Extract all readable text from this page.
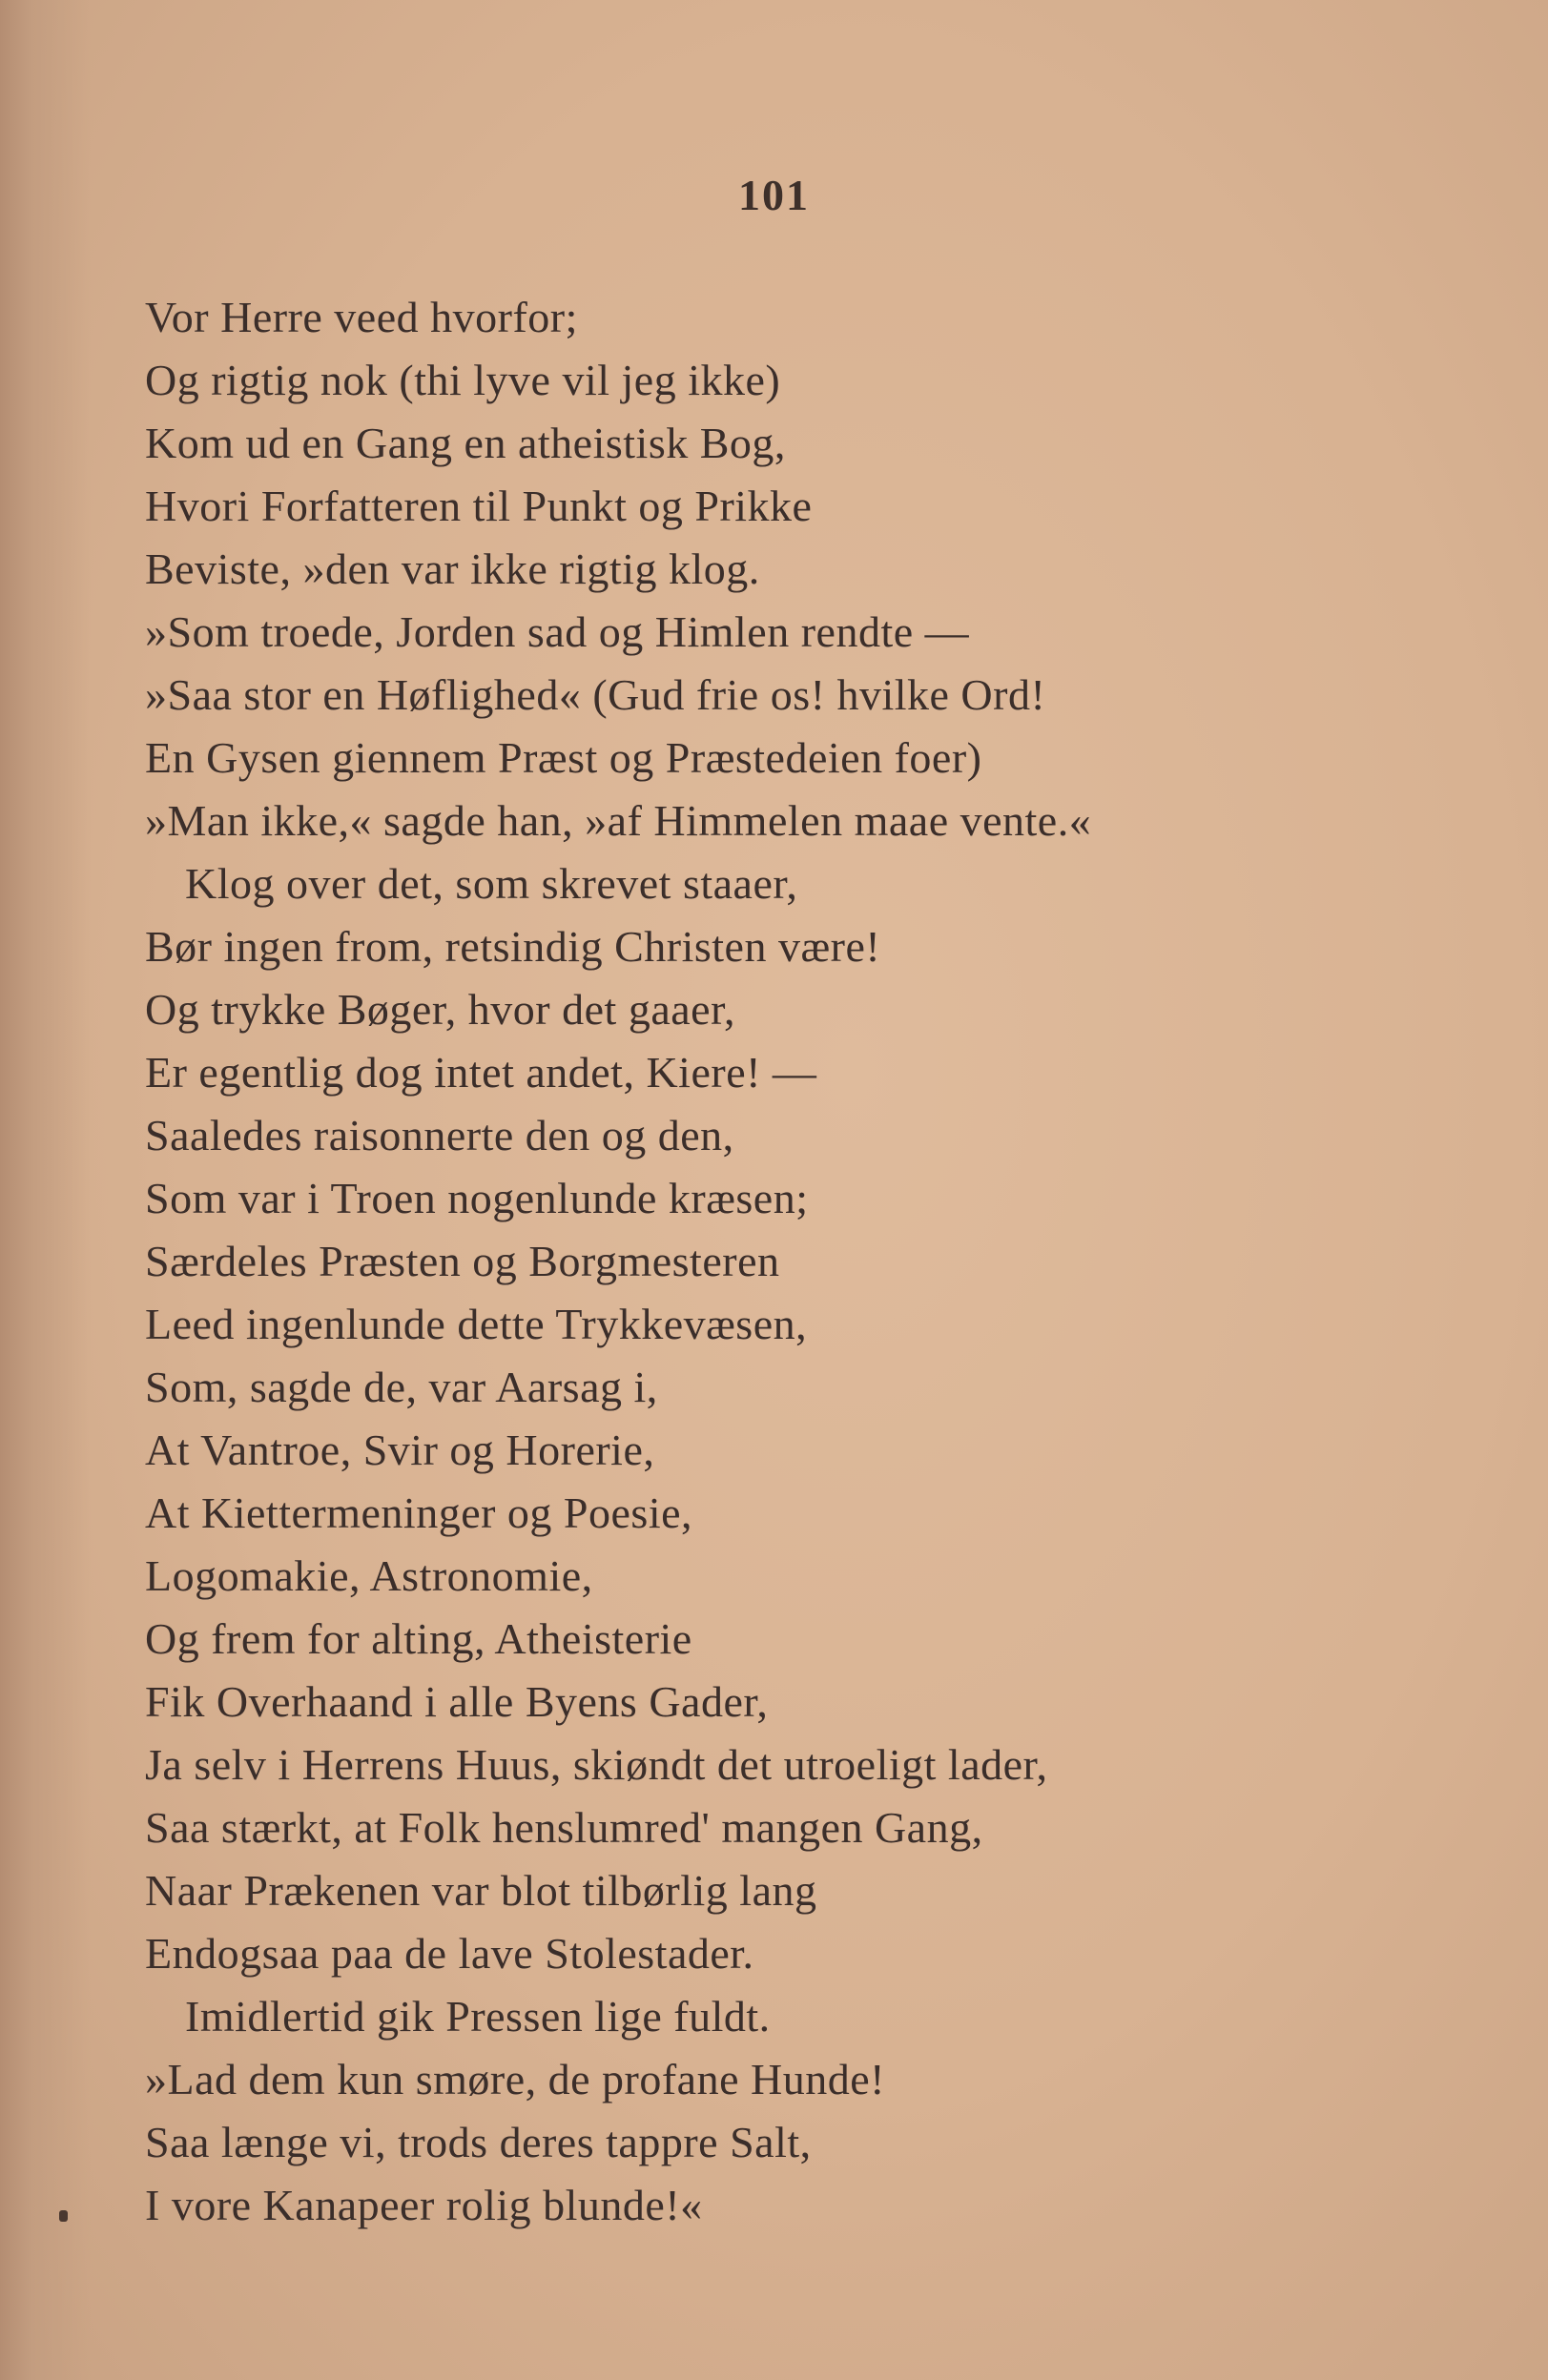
101
Vor Herre veed hvorfor;
Og rigtig nok (thi lyve vil jeg ikke)
Kom ud en Gang en atheistisk Bog,
Hvori Forfatteren til Punkt og Prikke
Beviste, »den var ikke rigtig klog.
»Som troede, Jorden sad og Himlen rendte —
»Saa stor en Høflighed« (Gud frie os! hvilke Ord!
En Gysen giennem Præst og Præstedeien foer)
»Man ikke,« sagde han, »af Himmelen maae vente.«
Klog over det, som skrevet staaer,
Bør ingen from, retsindig Christen være!
Og trykke Bøger, hvor det gaaer,
Er egentlig dog intet andet, Kiere! —
Saaledes raisonnerte den og den,
Som var i Troen nogenlunde kræsen;
Særdeles Præsten og Borgmesteren
Leed ingenlunde dette Trykkevæsen,
Som, sagde de, var Aarsag i,
At Vantroe, Svir og Horerie,
At Kiettermeninger og Poesie,
Logomakie, Astronomie,
Og frem for alting, Atheisterie
Fik Overhaand i alle Byens Gader,
Ja selv i Herrens Huus, skiøndt det utroeligt lader,
Saa stærkt, at Folk henslumred' mangen Gang,
Naar Prækenen var blot tilbørlig lang
Endogsaa paa de lave Stolestader.
Imidlertid gik Pressen lige fuldt.
»Lad dem kun smøre, de profane Hunde!
Saa længe vi, trods deres tappre Salt,
I vore Kanapeer rolig blunde!«
